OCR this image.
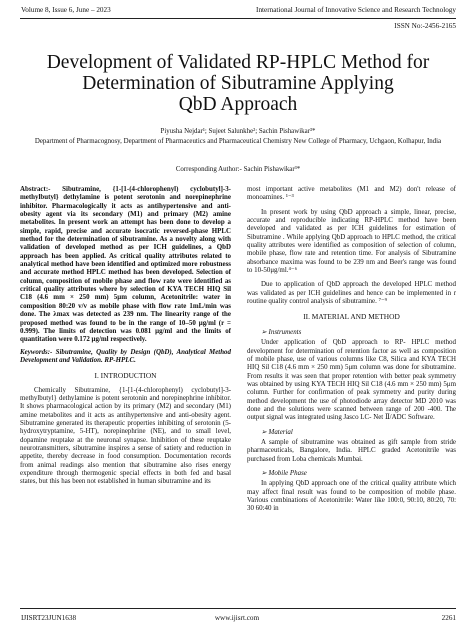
Volume 8, Issue 6, June – 2023	International Journal of Innovative Science and Research Technology
ISSN No:-2456-2165
Development of Validated RP-HPLC Method for
Determination of Sibutramine Applying
QbD Approach
Piyusha Nejdar¹; Sujeet Salunkhe²; Sachin Pishawikar³*
Department of Pharmacognosy, Department of Pharmaceutics and Pharmaceutical Chemistry New College of Pharmacy, Uchgaon, Kolhapur, India
Corresponding Author:- Sachin Pishawikar³*

Abstract:- Sibutramine, {1-[1-(4-chlorophenyl) cyclobutyl]-3-methylbutyl} dethylamine is potent serotonin and norepinephrine inhibitor. Pharmacologically it acts as antihypertensive and anti-obesity agent via its secondary (M1) and primary (M2) amine metabolites. In present work an attempt has been done to develop a simple, rapid, precise and accurate isocratic reversed-phase HPLC method for the determination of sibutramine. As a novelty along with validation of developed method as per ICH guidelines, a QbD approach has been applied. As critical quality attributes related to analytical method have been identified and optimized more robustness and accurate method HPLC method has been developed. Selection of column, composition of mobile phase and flow rate were identified as critical quality attributes where by selection of KYA TECH HIQ Sil C18 (4.6 mm × 250 mm) 5μm column, Acetonitrile: water in composition 80:20 v/v as mobile phase with flow rate 1mL/min was done. The λmax was detected as 239 nm. The linearity range of the proposed method was found to be in the range of 10–50 μg/ml (r = 0.999). The limits of detection was 0.081 μg/ml and the limits of quantitation were 0.172 μg/ml respectively.

Keywords:- Sibutramine, Quality by Design (QbD), Analytical Method Development and Validation. RP-HPLC.

I. INTRODUCTION

Chemically Sibutramine, {1-[1-(4-chlorophenyl) cyclobutyl]-3-methylbutyl} dethylamine is potent serotonin and norepinephrine inhibitor. It shows pharmacological action by its primary (M2) and secondary (M1) amine metabolites and it acts as antihypertensive and anti-obesity agent. Sibutramine generated its therapeutic properties inhibiting of serotonin (5-hydroxytryptamine, 5-HT), norepinephrine (NE), and to small level, dopamine reuptake at the neuronal synapse. Inhibition of these reuptake neurotransmitters, sibutramine inspires a sense of satiety and reduction in appetite, thereby decrease in food consumption. Documentation records from animal readings also mention that sibutramine also rises energy expenditure through thermogenic special effects in both fed and basal states, but this has been not established in human sibutramine and its

most important active metabolites (M1 and M2) don't release of monoamines. ¹⁻³

In present work by using QbD approach a simple, linear, precise, accurate and reproducible indicating RP-HPLC method have been developed and validated as per ICH guidelines for estimation of Sibutramine . While applying QbD approach to HPLC method, the critical quality attributes were identified as composition of selection of column, mobile phase, flow rate and retention time. For analysis of Sibutramine absorbance maxima was found to be 239 nm and Beer's range was found to 10-50μg/ml.⁴⁻⁶

Due to application of QbD approach the developed HPLC method was validated as per ICH guidelines and hence can be implemented in r routine quality control analysis of sibutramine. ⁷⁻⁹

II. MATERIAL AND METHOD
➢ Instruments

Under application of QbD approach to RP- HPLC method development for determination of retention factor as well as composition of mobile phase, use of various columns like C8, Silica and KYA TECH HIQ Sil C18 (4.6 mm × 250 mm) 5μm column was done for sibutramine. From results it was seen that proper retention with better peak symmetry was obtained by using KYA TECH HIQ Sil C18 (4.6 mm × 250 mm) 5μm column. Further for confirmation of peak symmetry and purity during method development the use of photodiode array detector MD 2010 was done and the solutions were scanned between range of 200 -400. The output signal was integrated using Jasco LC- Net Ⅱ/ADC Software.

➢ Material

A sample of sibutramine was obtained as gift sample from stride pharmaceuticals, Bangalore, India. HPLC graded Acetonitrile was purchased from Loba chemicals Mumbai.

➢ Mobile Phase

In applying QbD approach one of the critical quality attribute which may affect final result was found to be composition of mobile phase. Various combinations of Acetonitrile: Water like 100:0, 90:10, 80:20, 70: 30 60:40 in

IJISRT23JUN1638	www.ijisrt.com	2261
